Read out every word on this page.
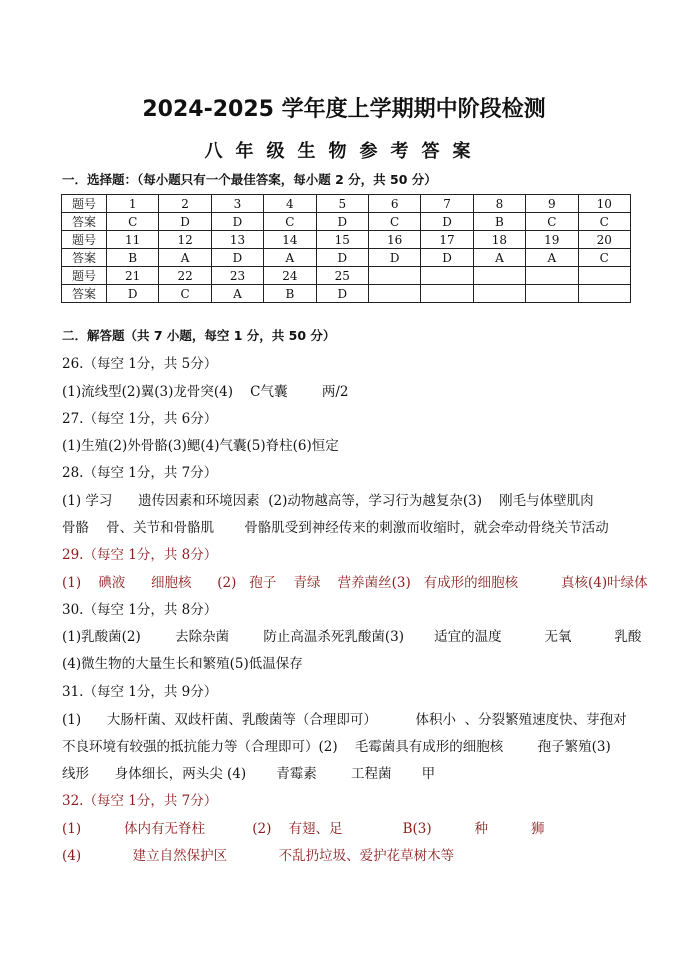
2024-2025 学年度上学期期中阶段检测
八年级生物参考答案
一．选择题：（每小题只有一个最佳答案，每小题 2 分，共 50 分）
题号	1	2	3	4	5	6	7	8	9	10
答案	C	D	D	C	D	C	D	B	C	C
题号	11	12	13	14	15	16	17	18	19	20
答案	B	A	D	A	D	D	D	A	A	C
题号	21	22	23	24	25					
答案	D	C	A	B	D					
二．解答题（共 7 小题，每空 1 分，共 50 分）
26.（每空 1分，共 5分）
(1)流线型(2)翼(3)龙骨突(4)    C气囊        两/2
27.（每空 1分，共 6分）
(1)生殖(2)外骨骼(3)鳃(4)气囊(5)脊柱(6)恒定
28.（每空 1分，共 7分）
(1) 学习      遗传因素和环境因素  (2)动物越高等，学习行为越复杂(3)    刚毛与体壁肌肉
骨骼    骨、关节和骨骼肌       骨骼肌受到神经传来的刺激而收缩时，就会牵动骨绕关节活动
29.（每空 1分，共 8分）
(1)    碘液      细胞核      (2)   孢子    青绿    营养菌丝(3)   有成形的细胞核          真核(4)叶绿体
30.（每空 1分，共 8分）
(1)乳酸菌(2)        去除杂菌        防止高温杀死乳酸菌(3)       适宜的温度          无氧          乳酸
(4)微生物的大量生长和繁殖(5)低温保存
31.（每空 1分，共 9分）
(1)      大肠杆菌、双歧杆菌、乳酸菌等（合理即可）         体积小  、分裂繁殖速度快、芽孢对
不良环境有较强的抵抗能力等（合理即可）(2)    毛霉菌具有成形的细胞核        孢子繁殖(3)
线形      身体细长，两头尖 (4)       青霉素        工程菌       甲
32.（每空 1分，共 7分）
(1)          体内有无脊柱           (2)    有翅、足              B(3)          种          狮
(4)            建立自然保护区            不乱扔垃圾、爱护花草树木等
